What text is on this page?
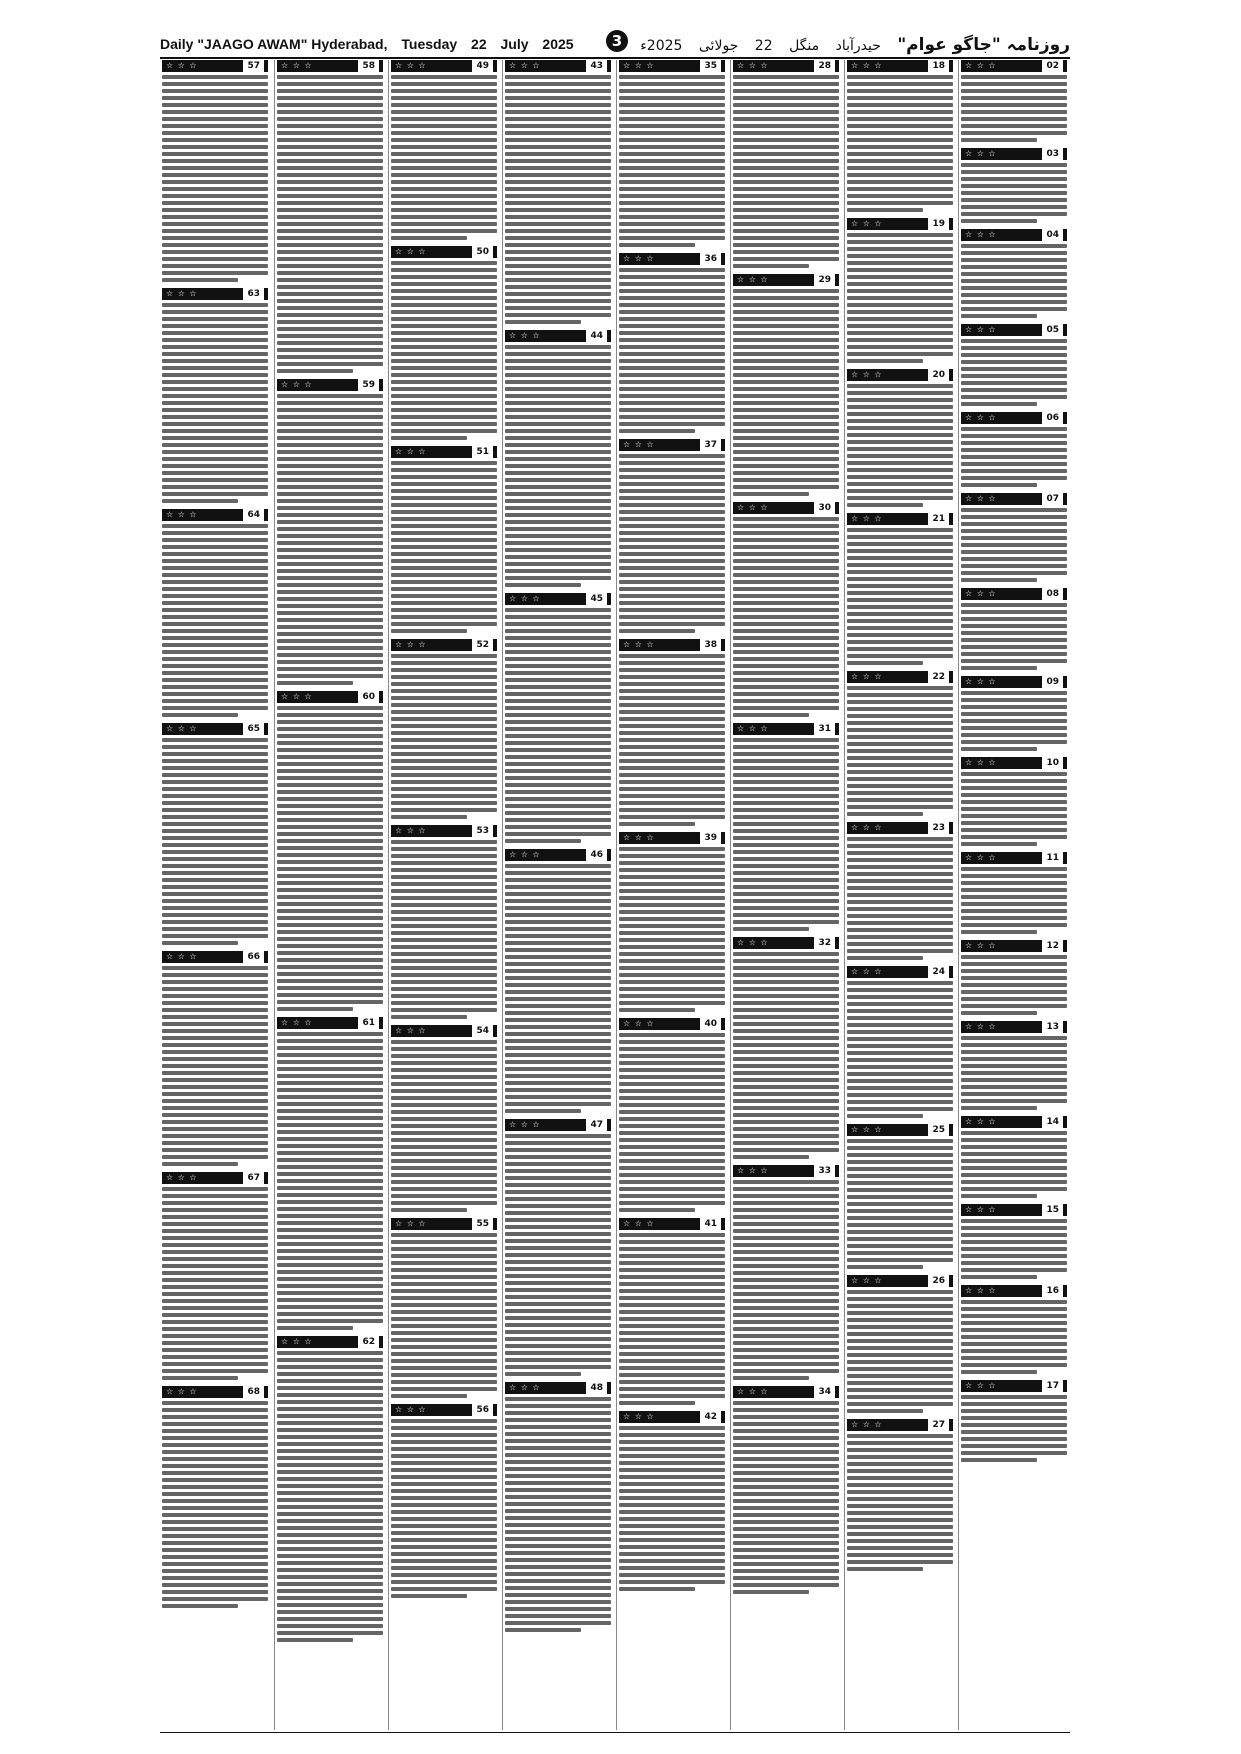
Daily "JAAGO AWAM" Hyderabad, Tuesday 22 July 2025	3	روزنامہ "جاگو عوام" حیدرآباد منگل 22 جولائی 2025ء
57
☆ ☆ ☆
63
☆ ☆ ☆
64
☆ ☆ ☆
65
☆ ☆ ☆
66
☆ ☆ ☆
67
☆ ☆ ☆
68
☆ ☆ ☆
58
☆ ☆ ☆
59
☆ ☆ ☆
60
☆ ☆ ☆
61
☆ ☆ ☆
62
☆ ☆ ☆
49
☆ ☆ ☆
50
☆ ☆ ☆
51
☆ ☆ ☆
52
☆ ☆ ☆
53
☆ ☆ ☆
54
☆ ☆ ☆
55
☆ ☆ ☆
56
☆ ☆ ☆
43
☆ ☆ ☆
44
☆ ☆ ☆
45
☆ ☆ ☆
46
☆ ☆ ☆
47
☆ ☆ ☆
48
☆ ☆ ☆
35
☆ ☆ ☆
36
☆ ☆ ☆
37
☆ ☆ ☆
38
☆ ☆ ☆
39
☆ ☆ ☆
40
☆ ☆ ☆
41
☆ ☆ ☆
42
☆ ☆ ☆
28
☆ ☆ ☆
29
☆ ☆ ☆
30
☆ ☆ ☆
31
☆ ☆ ☆
32
☆ ☆ ☆
33
☆ ☆ ☆
34
☆ ☆ ☆
18
☆ ☆ ☆
19
☆ ☆ ☆
20
☆ ☆ ☆
21
☆ ☆ ☆
22
☆ ☆ ☆
23
☆ ☆ ☆
24
☆ ☆ ☆
25
☆ ☆ ☆
26
☆ ☆ ☆
27
☆ ☆ ☆
02
☆ ☆ ☆
03
☆ ☆ ☆
04
☆ ☆ ☆
05
☆ ☆ ☆
06
☆ ☆ ☆
07
☆ ☆ ☆
08
☆ ☆ ☆
09
☆ ☆ ☆
10
☆ ☆ ☆
11
☆ ☆ ☆
12
☆ ☆ ☆
13
☆ ☆ ☆
14
☆ ☆ ☆
15
☆ ☆ ☆
16
☆ ☆ ☆
17
☆ ☆ ☆
